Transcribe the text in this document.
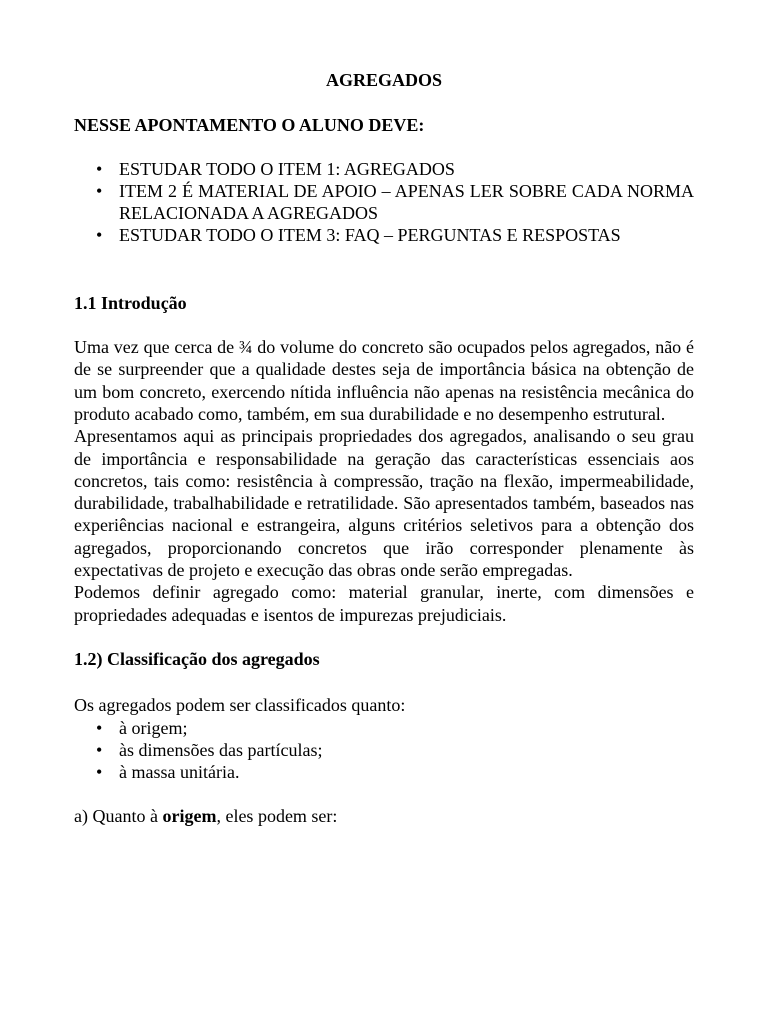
AGREGADOS
NESSE APONTAMENTO O ALUNO DEVE:
• ESTUDAR TODO O ITEM 1: AGREGADOS
• ITEM 2 É MATERIAL DE APOIO – APENAS LER SOBRE CADA NORMA RELACIONADA A AGREGADOS
• ESTUDAR TODO O ITEM 3: FAQ – PERGUNTAS E RESPOSTAS
1.1 Introdução

Uma vez que cerca de ¾ do volume do concreto são ocupados pelos agregados, não é de se surpreender que a qualidade destes seja de importância básica na obtenção de um bom concreto, exercendo nítida influência não apenas na resistência mecânica do produto acabado como, também, em sua durabilidade e no desempenho estrutural.

Apresentamos aqui as principais propriedades dos agregados, analisando o seu grau de importância e responsabilidade na geração das características essenciais aos concretos, tais como: resistência à compressão, tração na flexão, impermeabilidade, durabilidade, trabalhabilidade e retratilidade. São apresentados também, baseados nas experiências nacional e estrangeira, alguns critérios seletivos para a obtenção dos agregados, proporcionando concretos que irão corresponder plenamente às expectativas de projeto e execução das obras onde serão empregadas.

Podemos definir agregado como: material granular, inerte, com dimensões e propriedades adequadas e isentos de impurezas prejudiciais.

1.2) Classificação dos agregados

Os agregados podem ser classificados quanto:

• à origem;
• às dimensões das partículas;
• à massa unitária.

a) Quanto à origem, eles podem ser:
